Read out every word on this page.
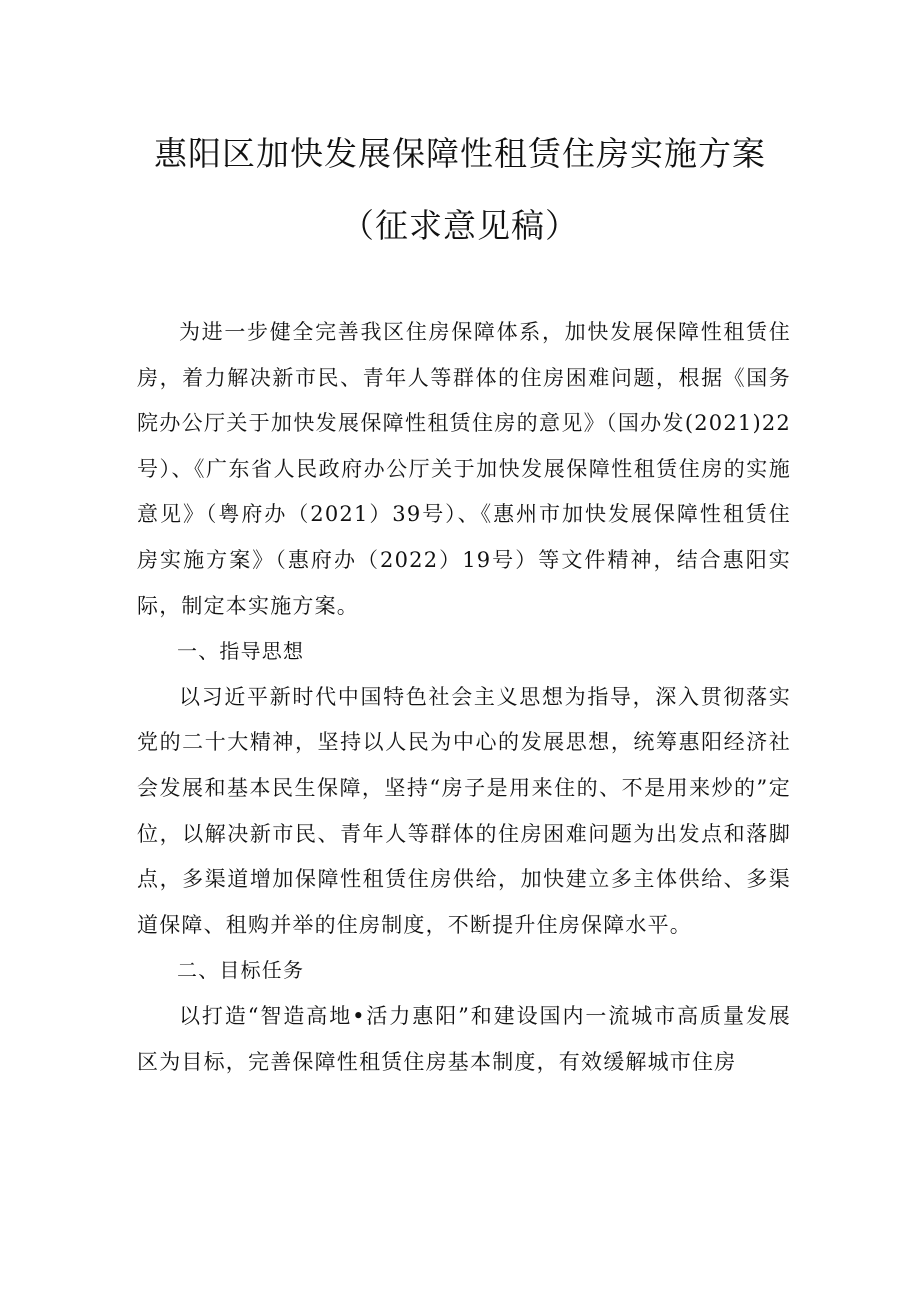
惠阳区加快发展保障性租赁住房实施方案
（征求意见稿）

为进一步健全完善我区住房保障体系，加快发展保障性租赁住房，着力解决新市民、青年人等群体的住房困难问题，根据《国务院办公厅关于加快发展保障性租赁住房的意见》（国办发(2021)22号）、《广东省人民政府办公厅关于加快发展保障性租赁住房的实施意见》（粤府办（2021）39号）、《惠州市加快发展保障性租赁住房实施方案》（惠府办（2022）19号）等文件精神，结合惠阳实际，制定本实施方案。

一、指导思想

以习近平新时代中国特色社会主义思想为指导，深入贯彻落实党的二十大精神，坚持以人民为中心的发展思想，统筹惠阳经济社会发展和基本民生保障，坚持“房子是用来住的、不是用来炒的”定位，以解决新市民、青年人等群体的住房困难问题为出发点和落脚点，多渠道增加保障性租赁住房供给，加快建立多主体供给、多渠道保障、租购并举的住房制度，不断提升住房保障水平。

二、目标任务

以打造“智造高地•活力惠阳”和建设国内一流城市高质量发展区为目标，完善保障性租赁住房基本制度，有效缓解城市住房
